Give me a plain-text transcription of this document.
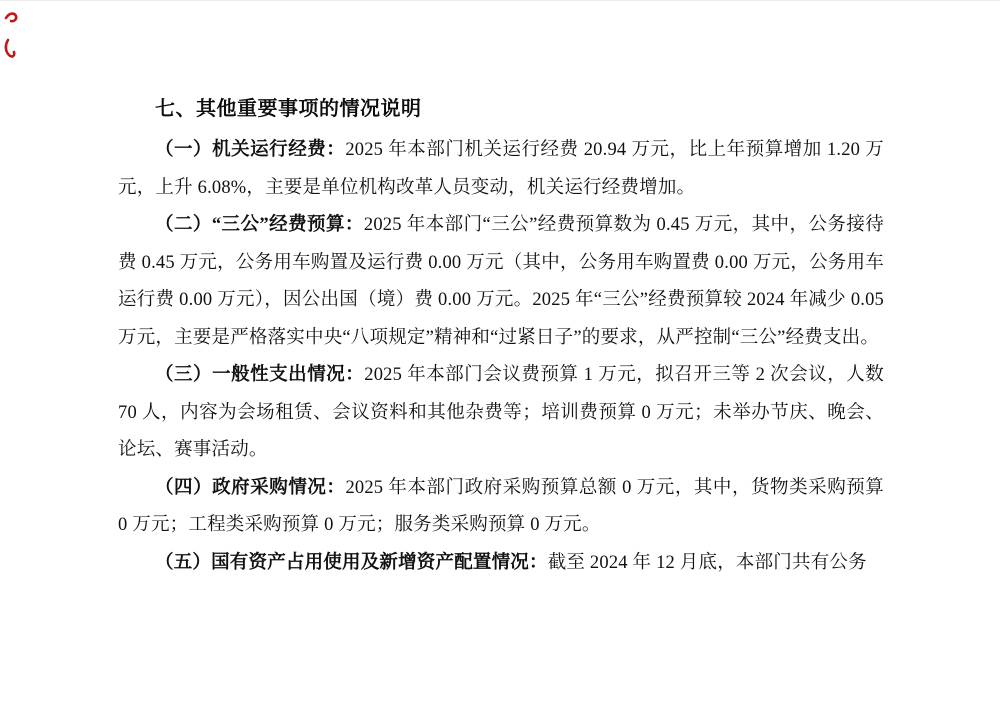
七、其他重要事项的情况说明

（一）机关运行经费：2025 年本部门机关运行经费 20.94 万元，比上年预算增加 1.20 万元，上升 6.08%，主要是单位机构改革人员变动，机关运行经费增加。

（二）“三公”经费预算：2025 年本部门“三公”经费预算数为 0.45 万元，其中，公务接待费 0.45 万元，公务用车购置及运行费 0.00 万元（其中，公务用车购置费 0.00 万元，公务用车运行费 0.00 万元），因公出国（境）费 0.00 万元。2025 年“三公”经费预算较 2024 年减少 0.05 万元，主要是严格落实中央“八项规定”精神和“过紧日子”的要求，从严控制“三公”经费支出。

（三）一般性支出情况：2025 年本部门会议费预算 1 万元，拟召开三等 2 次会议，人数 70 人，内容为会场租赁、会议资料和其他杂费等；培训费预算 0 万元；未举办节庆、晚会、论坛、赛事活动。

（四）政府采购情况：2025 年本部门政府采购预算总额 0 万元，其中，货物类采购预算 0 万元；工程类采购预算 0 万元；服务类采购预算 0 万元。

（五）国有资产占用使用及新增资产配置情况：截至 2024 年 12 月底，本部门共有公务
